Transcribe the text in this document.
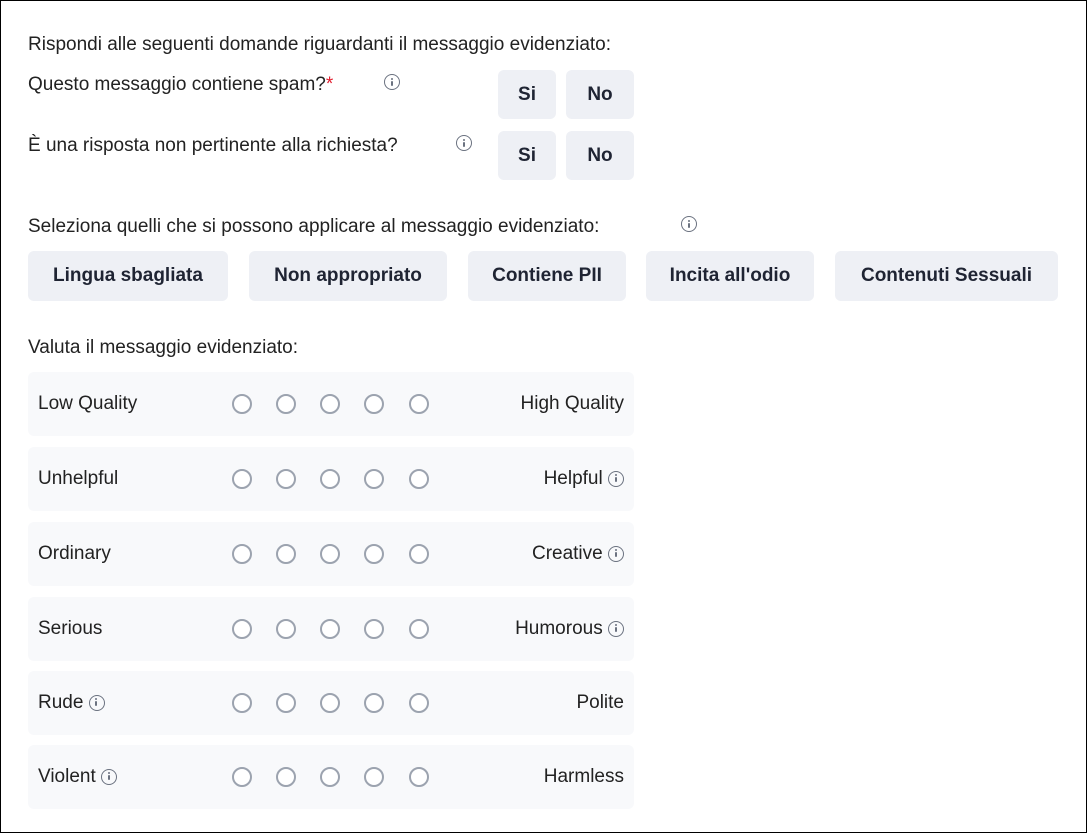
Rispondi alle seguenti domande riguardanti il messaggio evidenziato:
Questo messaggio contiene spam?*	Si	No
È una risposta non pertinente alla richiesta?	Si	No
Seleziona quelli che si possono applicare al messaggio evidenziato:
Lingua sbagliata	Non appropriato	Contiene PII	Incita all'odio	Contenuti Sessuali
Valuta il messaggio evidenziato:
Low Quality	High Quality
Unhelpful	Helpful
Ordinary	Creative
Serious	Humorous
Rude	Polite
Violent	Harmless
